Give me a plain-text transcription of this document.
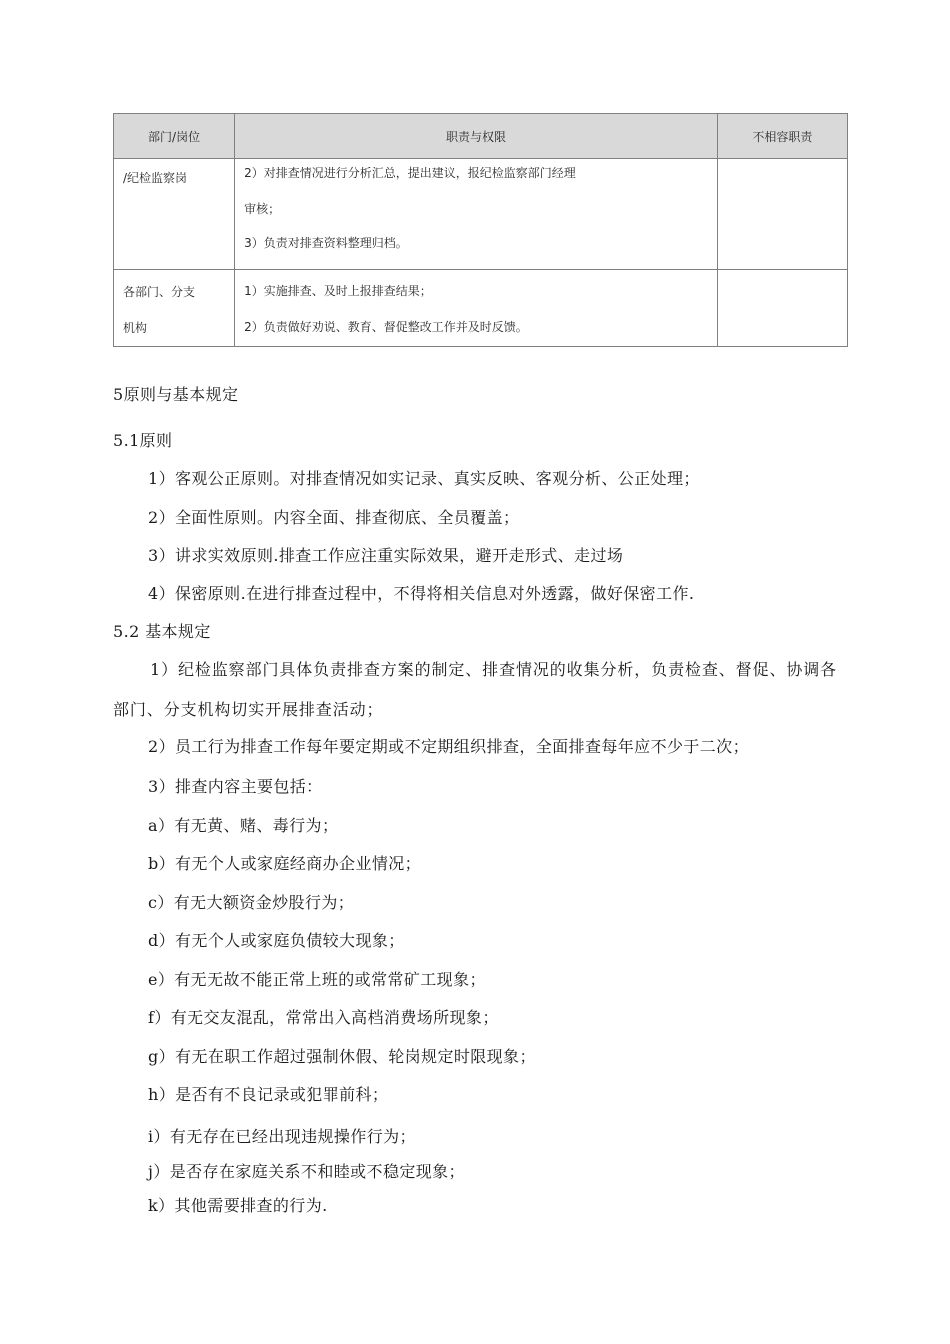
部门/岗位	职责与权限	不相容职责

/纪检监察岗	2）对排查情况进行分析汇总，提出建议，报纪检监察部门经理
审核；
3）负责对排查资料整理归档。	

各部门、分支
机构	1）实施排查、及时上报排查结果；
2）负责做好劝说、教育、督促整改工作并及时反馈。	

5原则与基本规定
5.1原则
1）客观公正原则。对排查情况如实记录、真实反映、客观分析、公正处理；
2）全面性原则。内容全面、排查彻底、全员覆盖；
3）讲求实效原则.排查工作应注重实际效果，避开走形式、走过场
4）保密原则.在进行排查过程中，不得将相关信息对外透露，做好保密工作.
5.2 基本规定
1）纪检监察部门具体负责排查方案的制定、排查情况的收集分析，负责检查、督促、协调各部门、分支机构切实开展排查活动；
2）员工行为排查工作每年要定期或不定期组织排查，全面排查每年应不少于二次；
3）排查内容主要包括：
a）有无黄、赌、毒行为；
b）有无个人或家庭经商办企业情况；
c）有无大额资金炒股行为；
d）有无个人或家庭负债较大现象；
e）有无无故不能正常上班的或常常矿工现象；
f）有无交友混乱，常常出入高档消费场所现象；
g）有无在职工作超过强制休假、轮岗规定时限现象；
h）是否有不良记录或犯罪前科；
i）有无存在已经出现违规操作行为；
j）是否存在家庭关系不和睦或不稳定现象；
k）其他需要排查的行为.
